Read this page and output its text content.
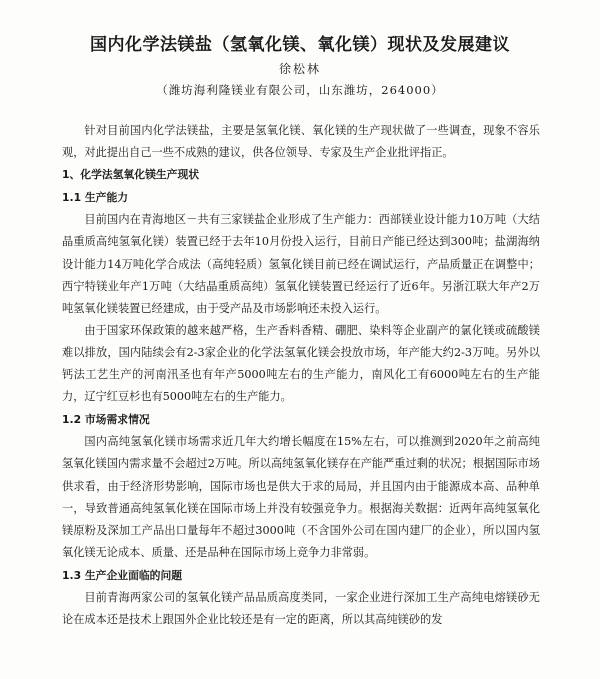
国内化学法镁盐（氢氧化镁、氧化镁）现状及发展建议
徐松林
（潍坊海利隆镁业有限公司，山东潍坊，264000）

针对目前国内化学法镁盐，主要是氢氧化镁、氧化镁的生产现状做了一些调查，现象不容乐观，对此提出自己一些不成熟的建议，供各位领导、专家及生产企业批评指正。

1、化学法氢氧化镁生产现状
1.1 生产能力

目前国内在青海地区－共有三家镁盐企业形成了生产能力：西部镁业设计能力10万吨（大结晶重质高纯氢氧化镁）装置已经于去年10月份投入运行，目前日产能已经达到300吨；盐湖海纳设计能力14万吨化学合成法（高纯轻质）氢氧化镁目前已经在调试运行，产品质量正在调整中；西宁特镁业年产1万吨（大结晶重质高纯）氢氧化镁装置已经运行了近6年。另浙江联大年产2万吨氢氧化镁装置已经建成，由于受产品及市场影响还未投入运行。

由于国家环保政策的越来越严格，生产香料香精、硼肥、染料等企业副产的氯化镁或硫酸镁难以排放，国内陆续会有2-3家企业的化学法氢氧化镁会投放市场，年产能大约2-3万吨。另外以钙法工艺生产的河南汛圣也有年产5000吨左右的生产能力，南风化工有6000吨左右的生产能力，辽宁红豆杉也有5000吨左右的生产能力。

1.2 市场需求情况

国内高纯氢氧化镁市场需求近几年大约增长幅度在15%左右，可以推测到2020年之前高纯氢氧化镁国内需求量不会超过2万吨。所以高纯氢氧化镁存在产能严重过剩的状况；根据国际市场供求看，由于经济形势影响，国际市场也是供大于求的局局，并且国内由于能源成本高、品种单一，导致普通高纯氢氧化镁在国际市场上并没有较强竞争力。根据海关数据：近两年高纯氢氧化镁原粉及深加工产品出口量每年不超过3000吨（不含国外公司在国内建厂的企业），所以国内氢氧化镁无论成本、质量、还是品种在国际市场上竞争力非常弱。

1.3 生产企业面临的问题

目前青海两家公司的氢氧化镁产品品质高度类同，一家企业进行深加工生产高纯电熔镁砂无论在成本还是技术上跟国外企业比较还是有一定的距离，所以其高纯镁砂的发
